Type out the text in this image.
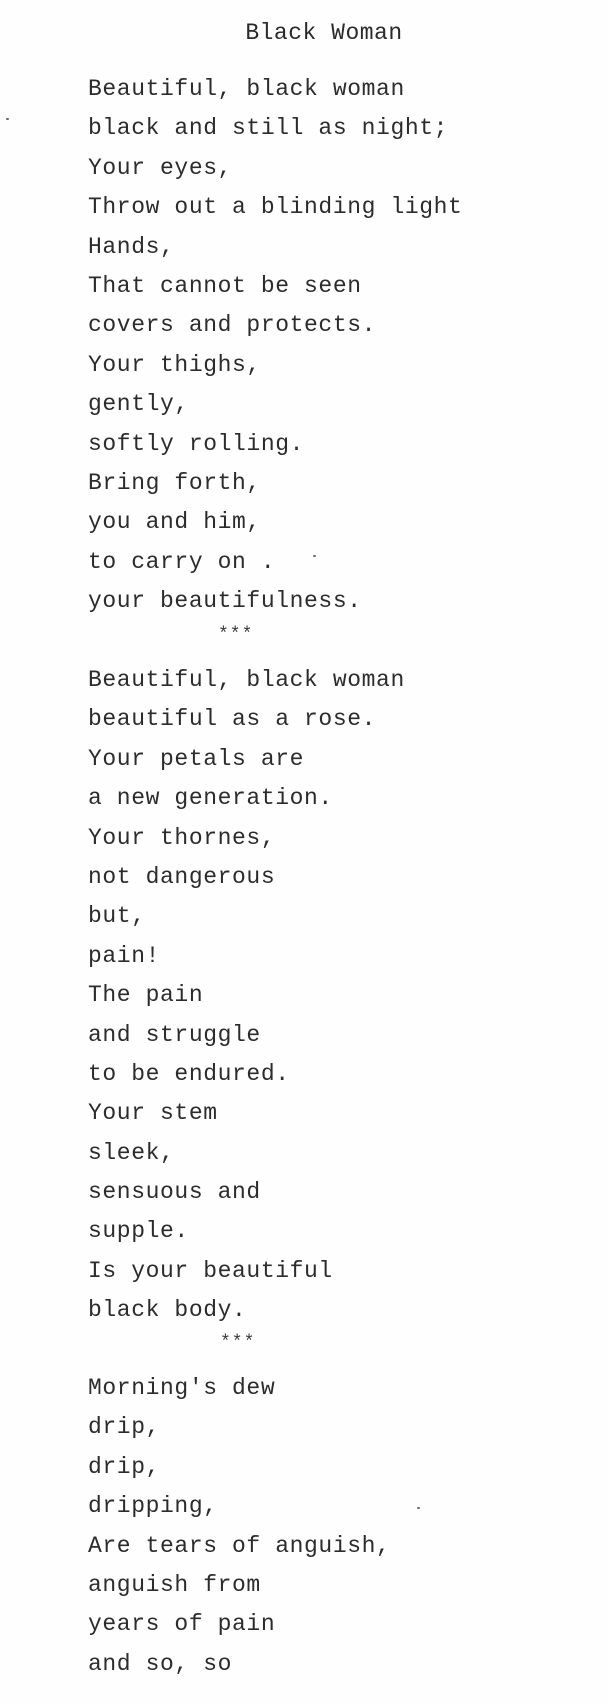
Black Woman
Beautiful, black woman
black and still as night;
Your eyes,
Throw out a blinding light
Hands,
That cannot be seen
covers and protects.
Your thighs,
gently,
softly rolling.
Bring forth,
you and him,
to carry on .
your beautifulness.
***
Beautiful, black woman
beautiful as a rose.
Your petals are
a new generation.
Your thornes,
not dangerous
but,
pain!
The pain
and struggle
to be endured.
Your stem
sleek,
sensuous and
supple.
Is your beautiful
black body.
***
Morning's dew
drip,
drip,
dripping,
Are tears of anguish,
anguish from
years of pain
and so, so
